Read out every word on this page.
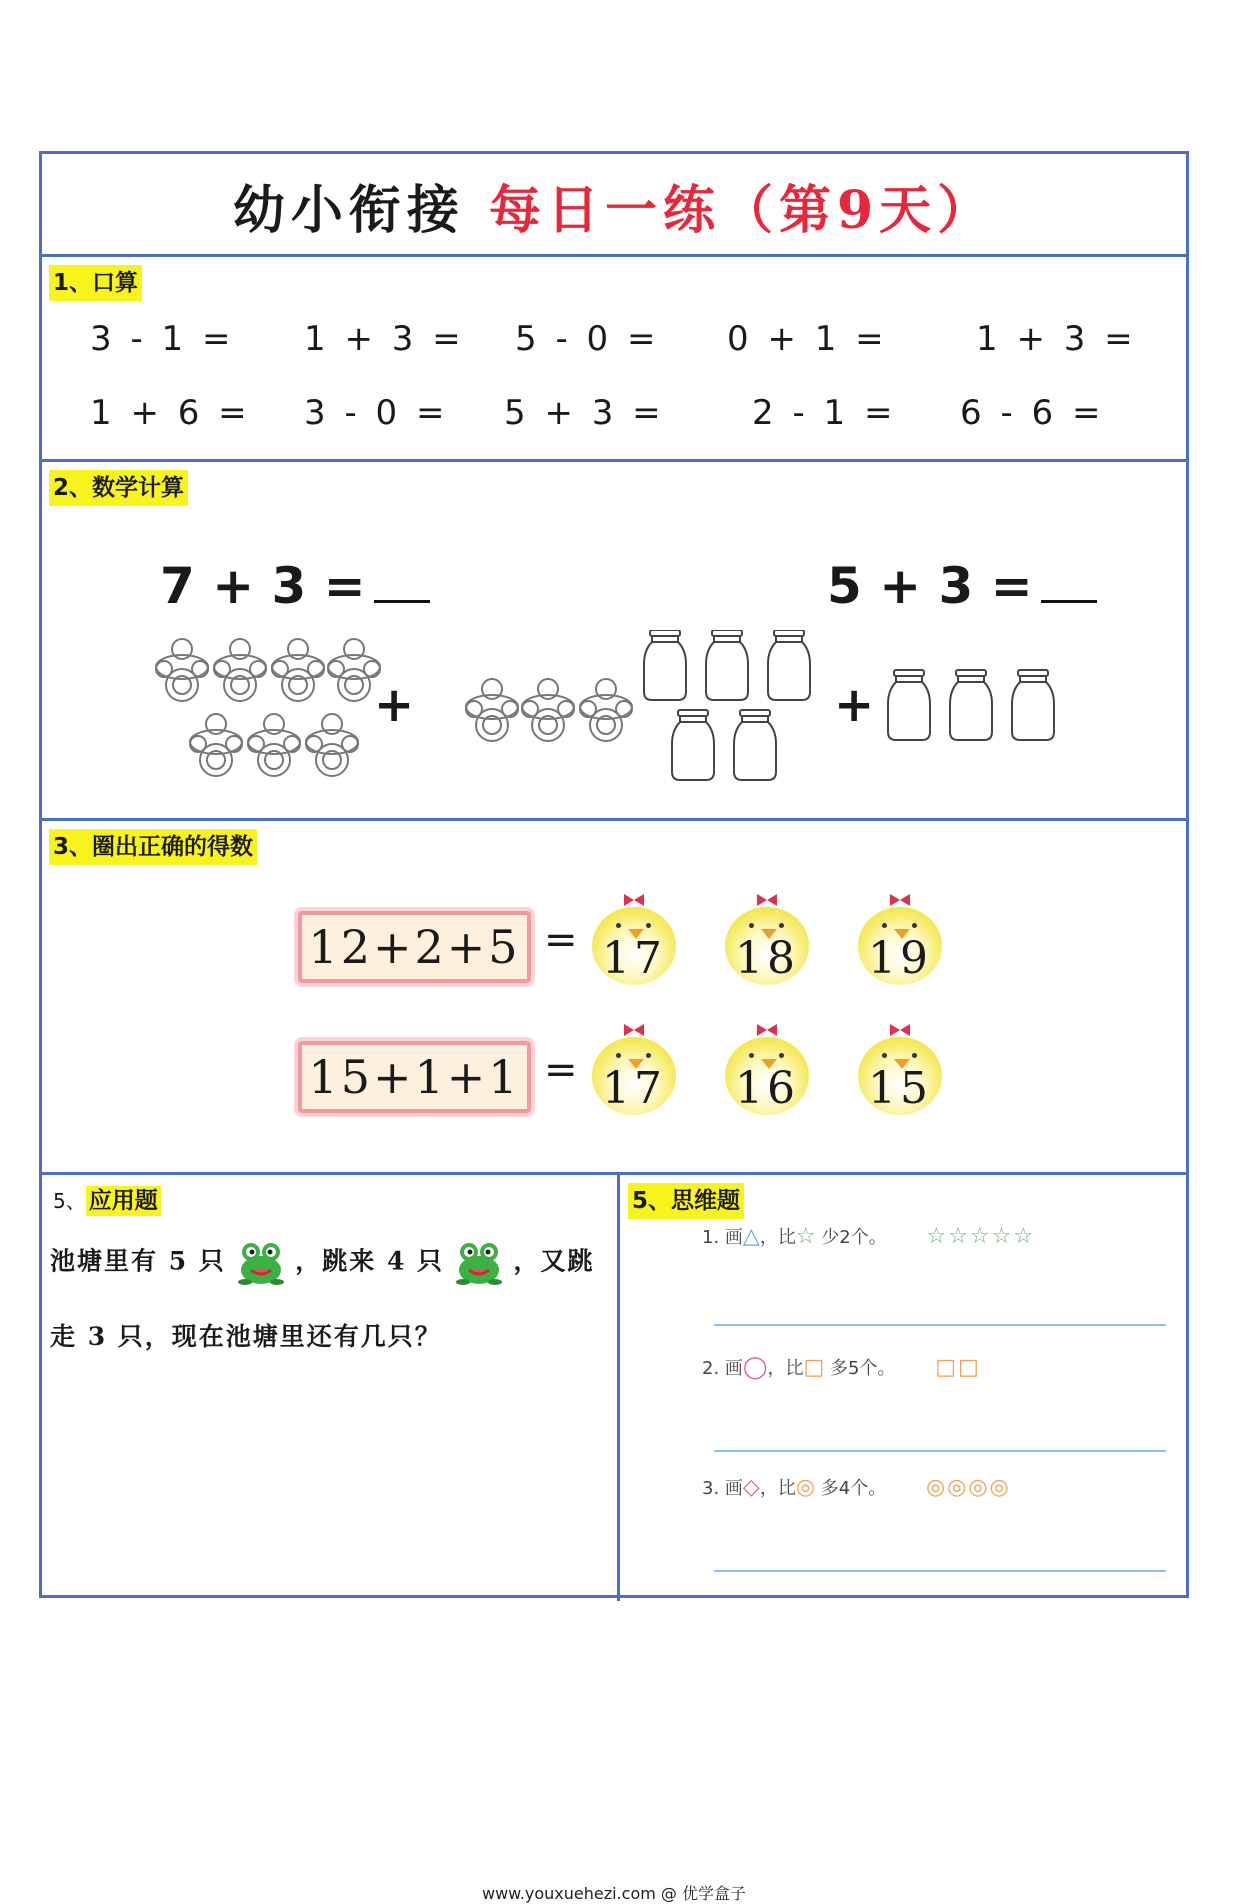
幼小衔接 每日一练（第9天）
1、口算
3 - 1 = 1 + 3 = 5 - 0 = 0 + 1 =	1 + 3 =
1 + 6 = 3 - 0 = 5 + 3 =	2 - 1 = 6 - 6 =
2、数学计算
7 + 3 =	5 + 3 =
+	+
3、圈出正确的得数
12+2+5 = 17	18	19
15+1+1 = 17	16	15
5、 应用题
池塘里有 5 只	，跳来 4 只	，又跳
走 3 只，现在池塘里还有几只？
5、思维题
1. 画△，比☆ 少2个。 ☆☆☆☆☆
2. 画◯，比□ 多5个。 □□
3. 画◇，比◎ 多4个。 ◎◎◎◎
www.youxuehezi.com @ 优学盒子
